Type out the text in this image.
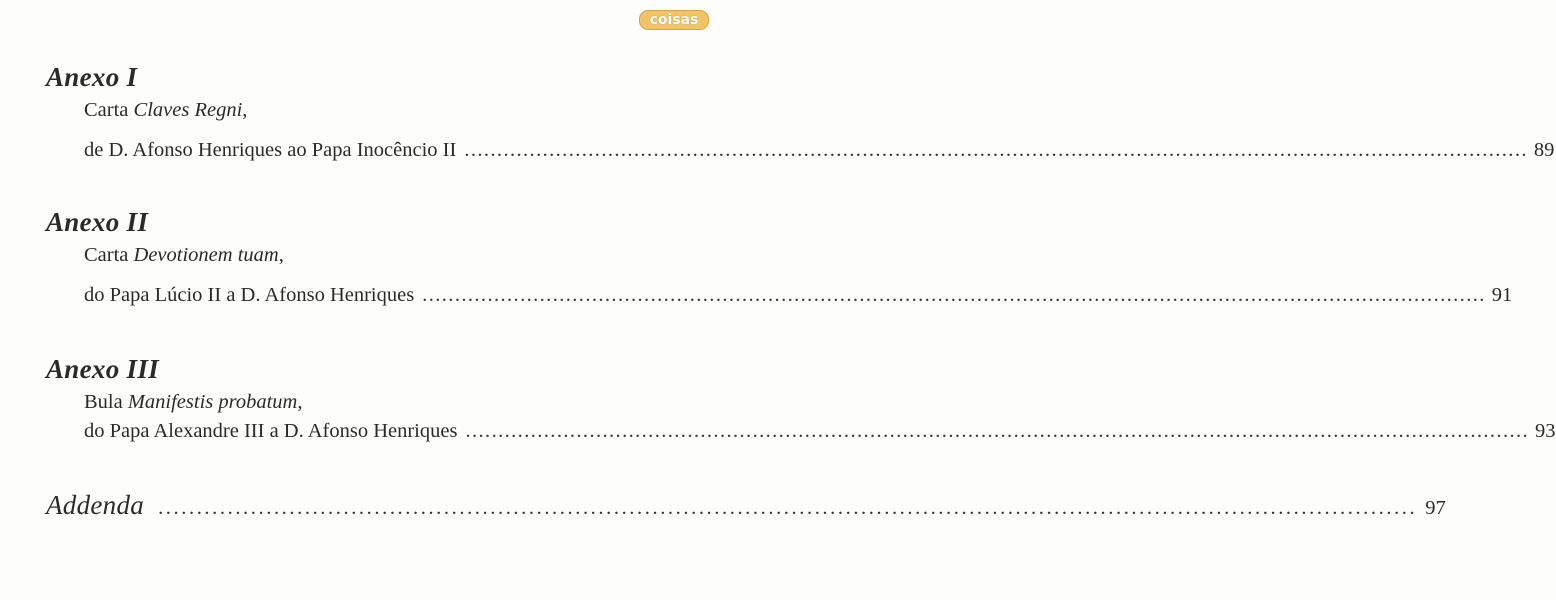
coisas
Anexo I
Carta Claves Regni ,
de D. Afonso Henriques ao Papa Inocêncio II ................................................................................................................................................................... 89
Anexo II
Carta Devotionem tuam ,
do Papa Lúcio II a D. Afonso Henriques ................................................................................................................................................................... 91
Anexo III
Bula Manifestis probatum ,
do Papa Alexandre III a D. Afonso Henriques ................................................................................................................................................................... 93
Addenda ................................................................................................................................................................... 97
